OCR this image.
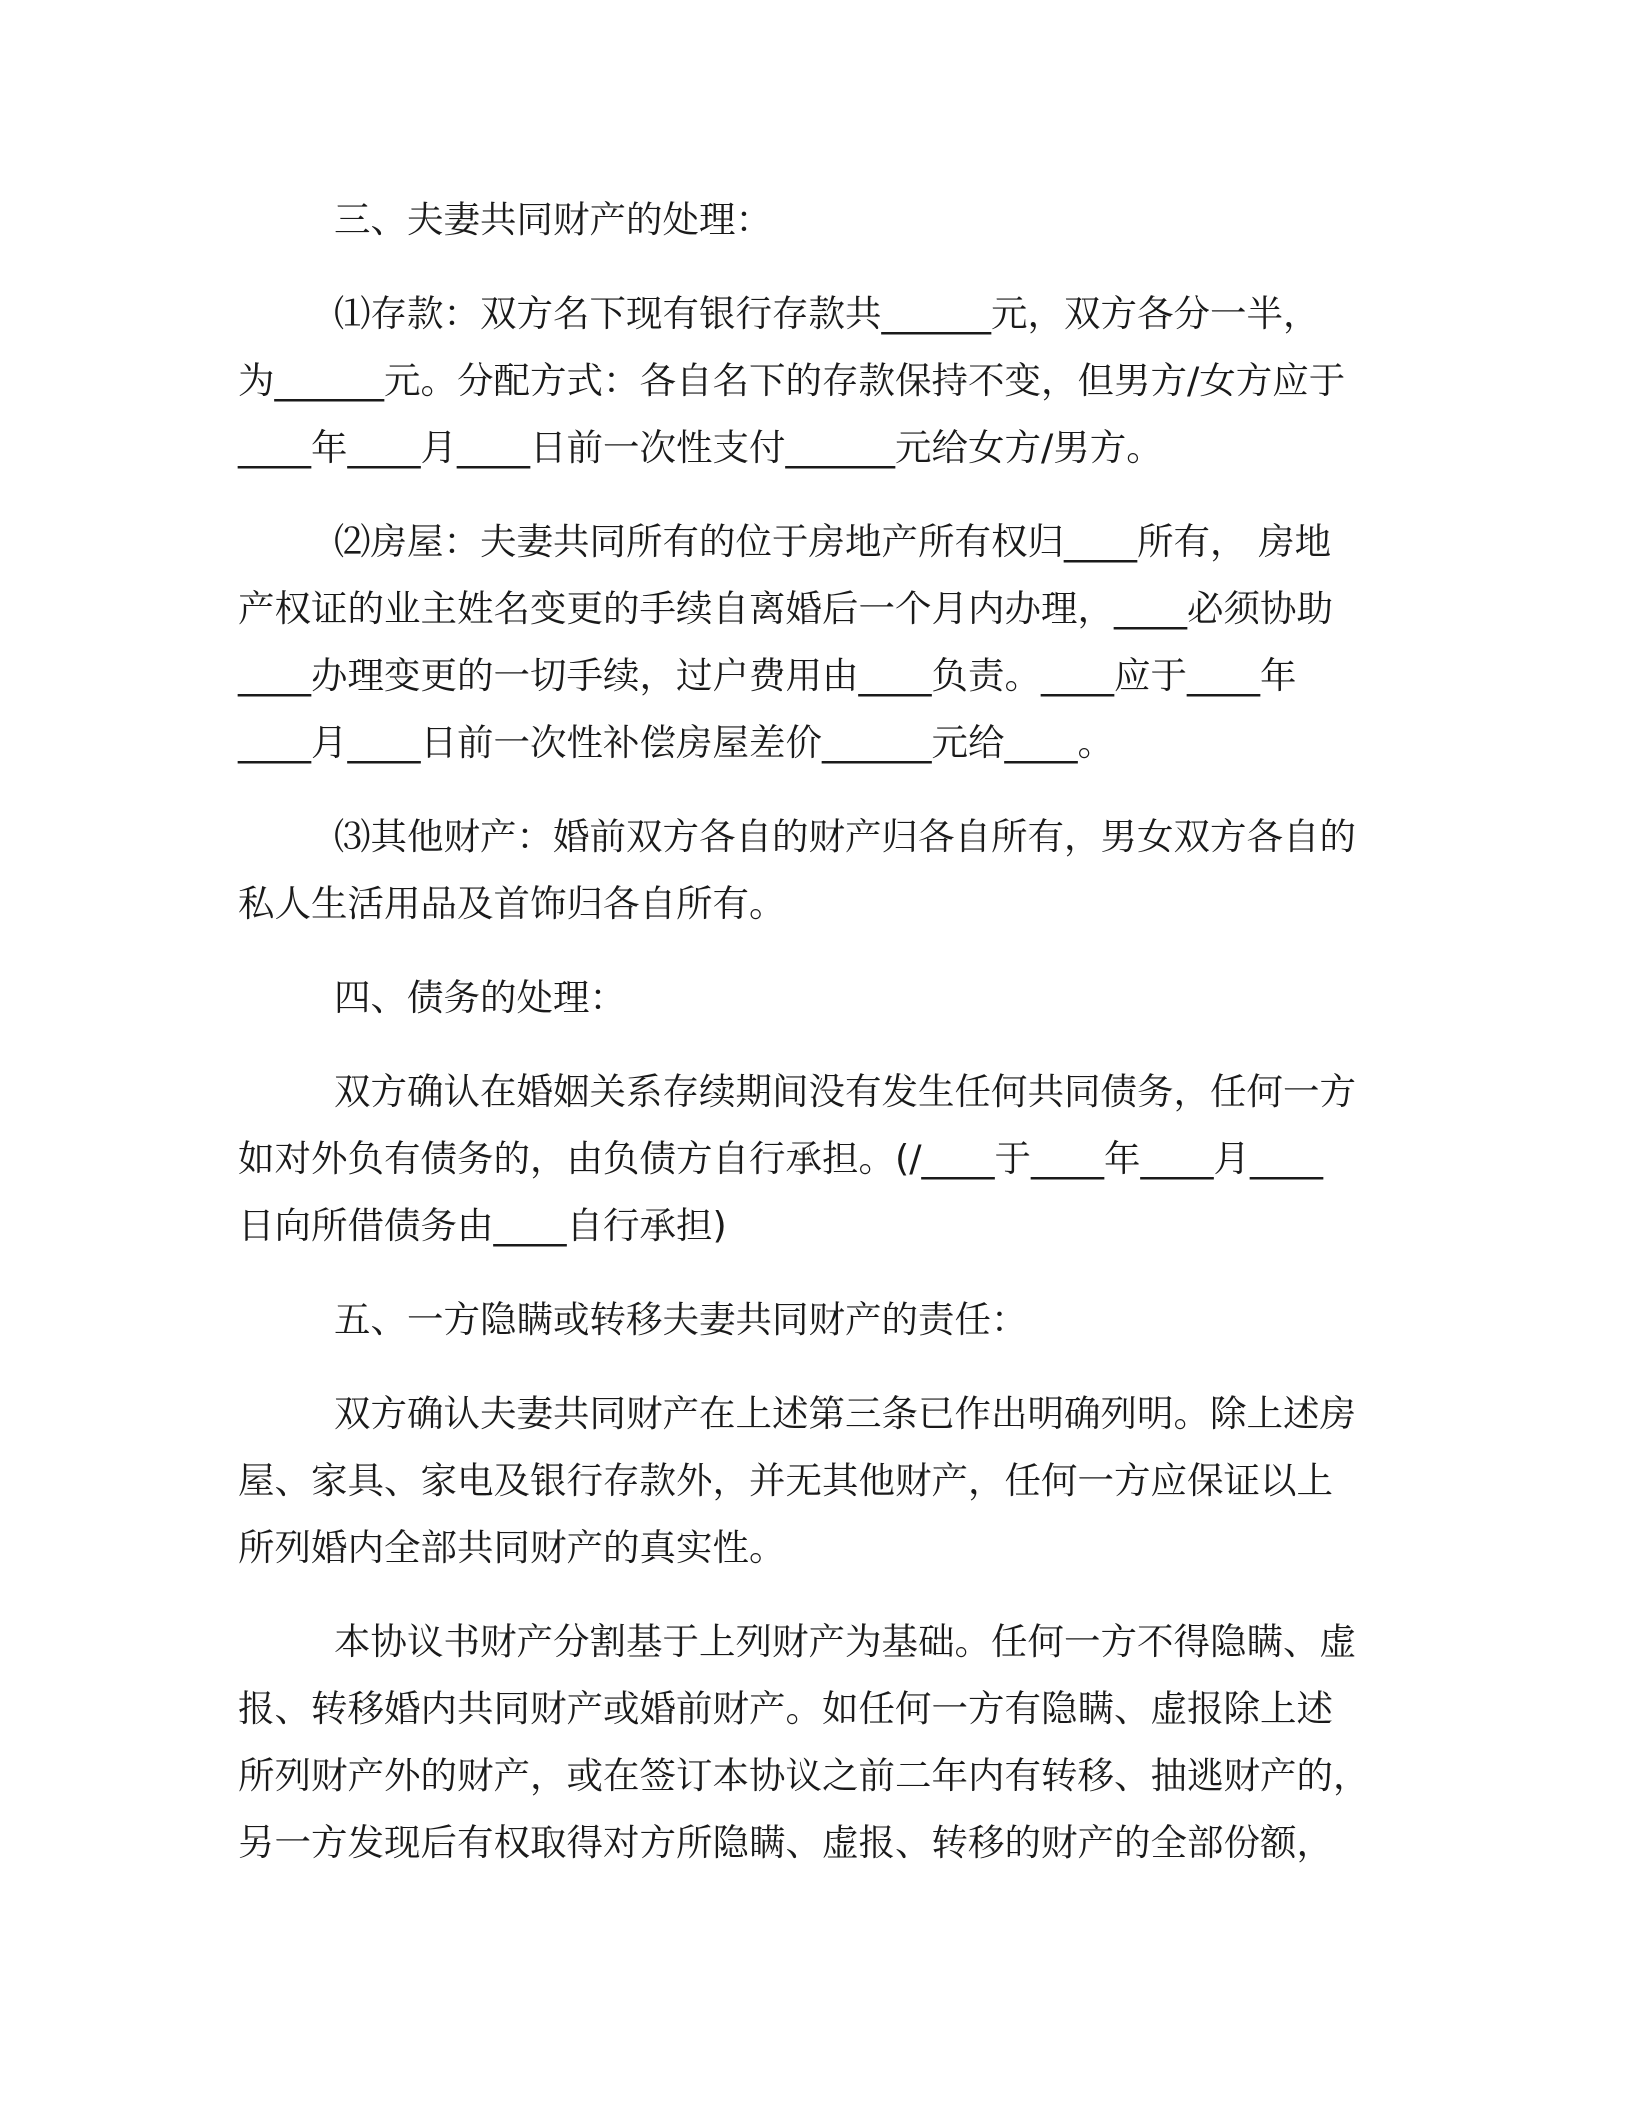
三、夫妻共同财产的处理：

⑴存款：双方名下现有银行存款共______元，双方各分一半，
为______元。分配方式：各自名下的存款保持不变，但男方/女方应于
____年____月____日前一次性支付______元给女方/男方。

⑵房屋：夫妻共同所有的位于房地产所有权归____所有， 房地
产权证的业主姓名变更的手续自离婚后一个月内办理，____必须协助
____办理变更的一切手续，过户费用由____负责。____应于____年
____月____日前一次性补偿房屋差价______元给____。

⑶其他财产：婚前双方各自的财产归各自所有，男女双方各自的
私人生活用品及首饰归各自所有。

四、债务的处理：

双方确认在婚姻关系存续期间没有发生任何共同债务，任何一方
如对外负有债务的，由负债方自行承担。(/____于____年____月____
日向所借债务由____自行承担)

五、一方隐瞒或转移夫妻共同财产的责任：

双方确认夫妻共同财产在上述第三条已作出明确列明。除上述房
屋、家具、家电及银行存款外，并无其他财产，任何一方应保证以上
所列婚内全部共同财产的真实性。

本协议书财产分割基于上列财产为基础。任何一方不得隐瞒、虚
报、转移婚内共同财产或婚前财产。如任何一方有隐瞒、虚报除上述
所列财产外的财产，或在签订本协议之前二年内有转移、抽逃财产的，
另一方发现后有权取得对方所隐瞒、虚报、转移的财产的全部份额，
